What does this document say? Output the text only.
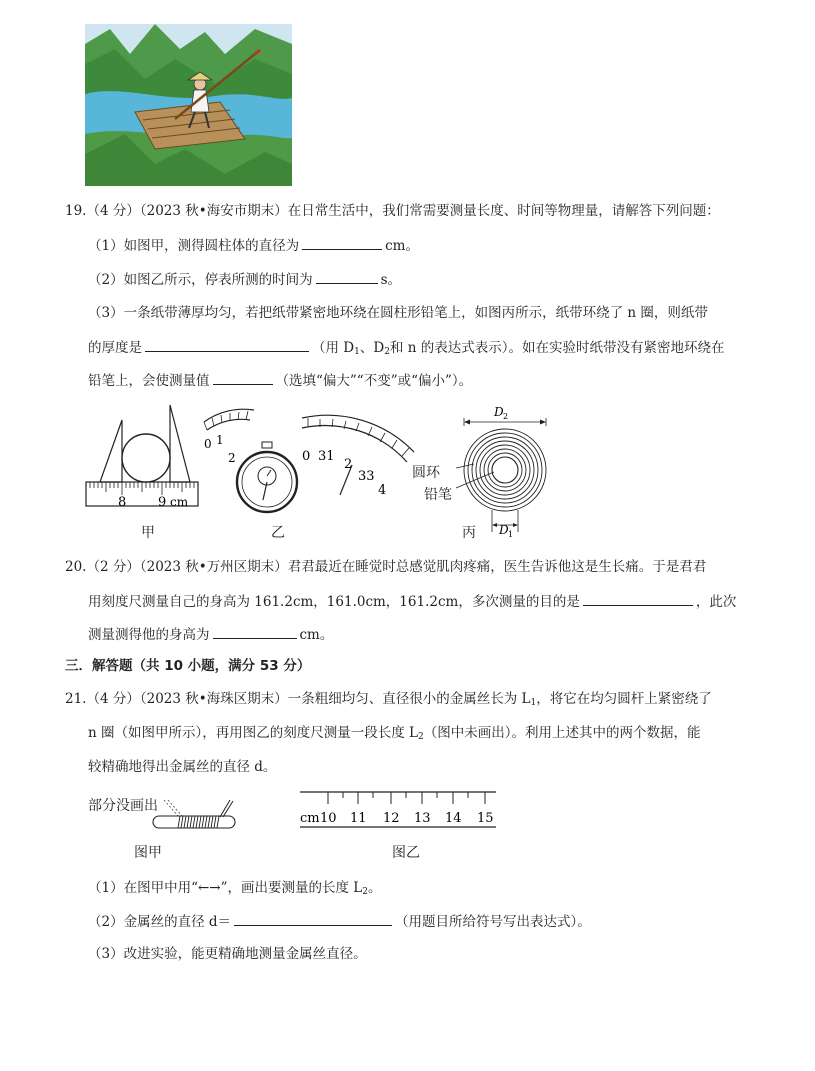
19.（4 分）（2023 秋•海安市期末）在日常生活中，我们常需要测量长度、时间等物理量，请解答下列问题：
（1）如图甲，测得圆柱体的直径为	cm。
（2）如图乙所示，停表所测的时间为	s。
（3）一条纸带薄厚均匀，若把纸带紧密地环绕在圆柱形铅笔上，如图丙所示，纸带环绕了 n 圈，则纸带
的厚度是	（用 $D_1$、$D_2$和 n 的表达式表示）。如在实验时纸带没有紧密地环绕在
铅笔上，会使测量值	（选填“偏大”“不变”或“偏小”）。
8 9 cm
0 1
2	0 31
2
33
4
D 2
D 1
圆环
铅笔
甲	乙	丙
20.（2 分）（2023 秋•万州区期末）君君最近在睡觉时总感觉肌肉疼痛，医生告诉他这是生长痛。于是君君
用刻度尺测量自己的身高为 161.2cm，161.0cm，161.2cm，多次测量的目的是	，此次
测量测得他的身高为	cm。
三．解答题（共 10 小题，满分 53 分）
21.（4 分）（2023 秋•海珠区期末）一条粗细均匀、直径很小的金属丝长为 $L_1$，将它在均匀圆杆上紧密绕了
n 圈（如图甲所示），再用图乙的刻度尺测量一段长度 $L_2$（图中未画出）。利用上述其中的两个数据，能
较精确地得出金属丝的直径 d。
部分没画出
cm 10 11 12 13 14 15
图甲	图乙
（1）在图甲中用“←→”，画出要测量的长度 $L_2$。
（2）金属丝的直径 d＝	（用题目所给符号写出表达式）。
（3）改进实验，能更精确地测量金属丝直径。
